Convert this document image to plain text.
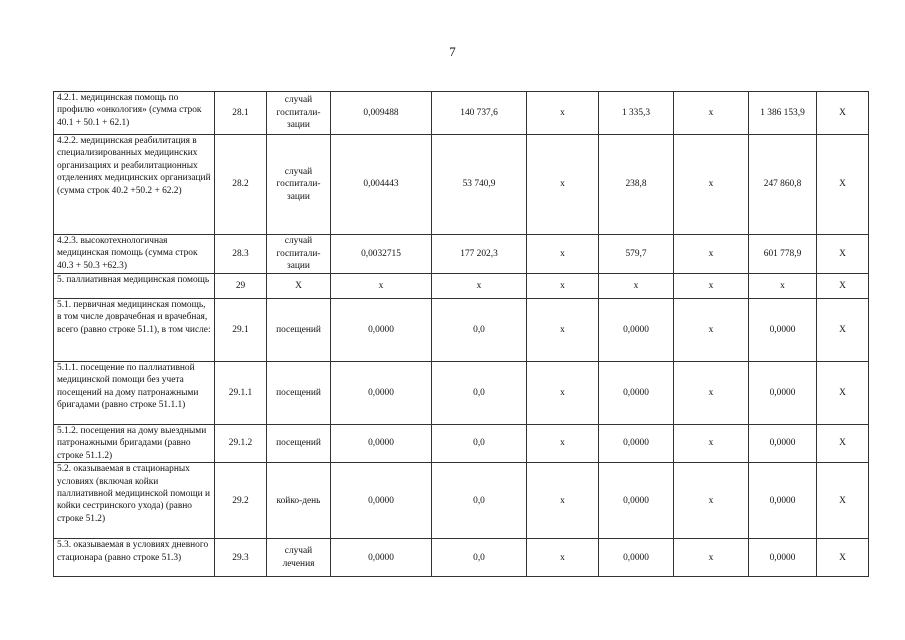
7
4.2.1. медицинская помощь по профилю «онкология» (сумма строк 40.1 + 50.1 + 62.1)	28.1	случай госпитали-зации	0,009488	140 737,6	х	1 335,3	х	1 386 153,9	Х
4.2.2. медицинская реабилитация в специализированных медицинских организациях и реабилитационных отделениях медицинских организаций (сумма строк 40.2 +50.2 + 62.2)	28.2	случай госпитали-зации	0,004443	53 740,9	х	238,8	х	247 860,8	Х
4.2.3. высокотехнологичная медицинская помощь (сумма строк 40.3 + 50.3 +62.3)	28.3	случай госпитали-зации	0,0032715	177 202,3	х	579,7	х	601 778,9	Х
5. паллиативная медицинская помощь	29	Х	х	х	х	х	х	х	Х
5.1. первичная медицинская помощь, в том числе доврачебная и врачебная, всего (равно строке 51.1), в том числе:	29.1	посещений	0,0000	0,0	х	0,0000	х	0,0000	Х
5.1.1. посещение по паллиативной медицинской помощи без учета посещений на дому патронажными бригадами (равно строке 51.1.1)	29.1.1	посещений	0,0000	0,0	х	0,0000	х	0,0000	Х
5.1.2. посещения на дому выездными патронажными бригадами (равно строке 51.1.2)	29.1.2	посещений	0,0000	0,0	х	0,0000	х	0,0000	Х
5.2. оказываемая в стационарных условиях (включая койки паллиативной медицинской помощи и койки сестринского ухода) (равно строке 51.2)	29.2	койко-день	0,0000	0,0	х	0,0000	х	0,0000	Х
5.3. оказываемая в условиях дневного стационара (равно строке 51.3)	29.3	случай лечения	0,0000	0,0	х	0,0000	х	0,0000	Х
